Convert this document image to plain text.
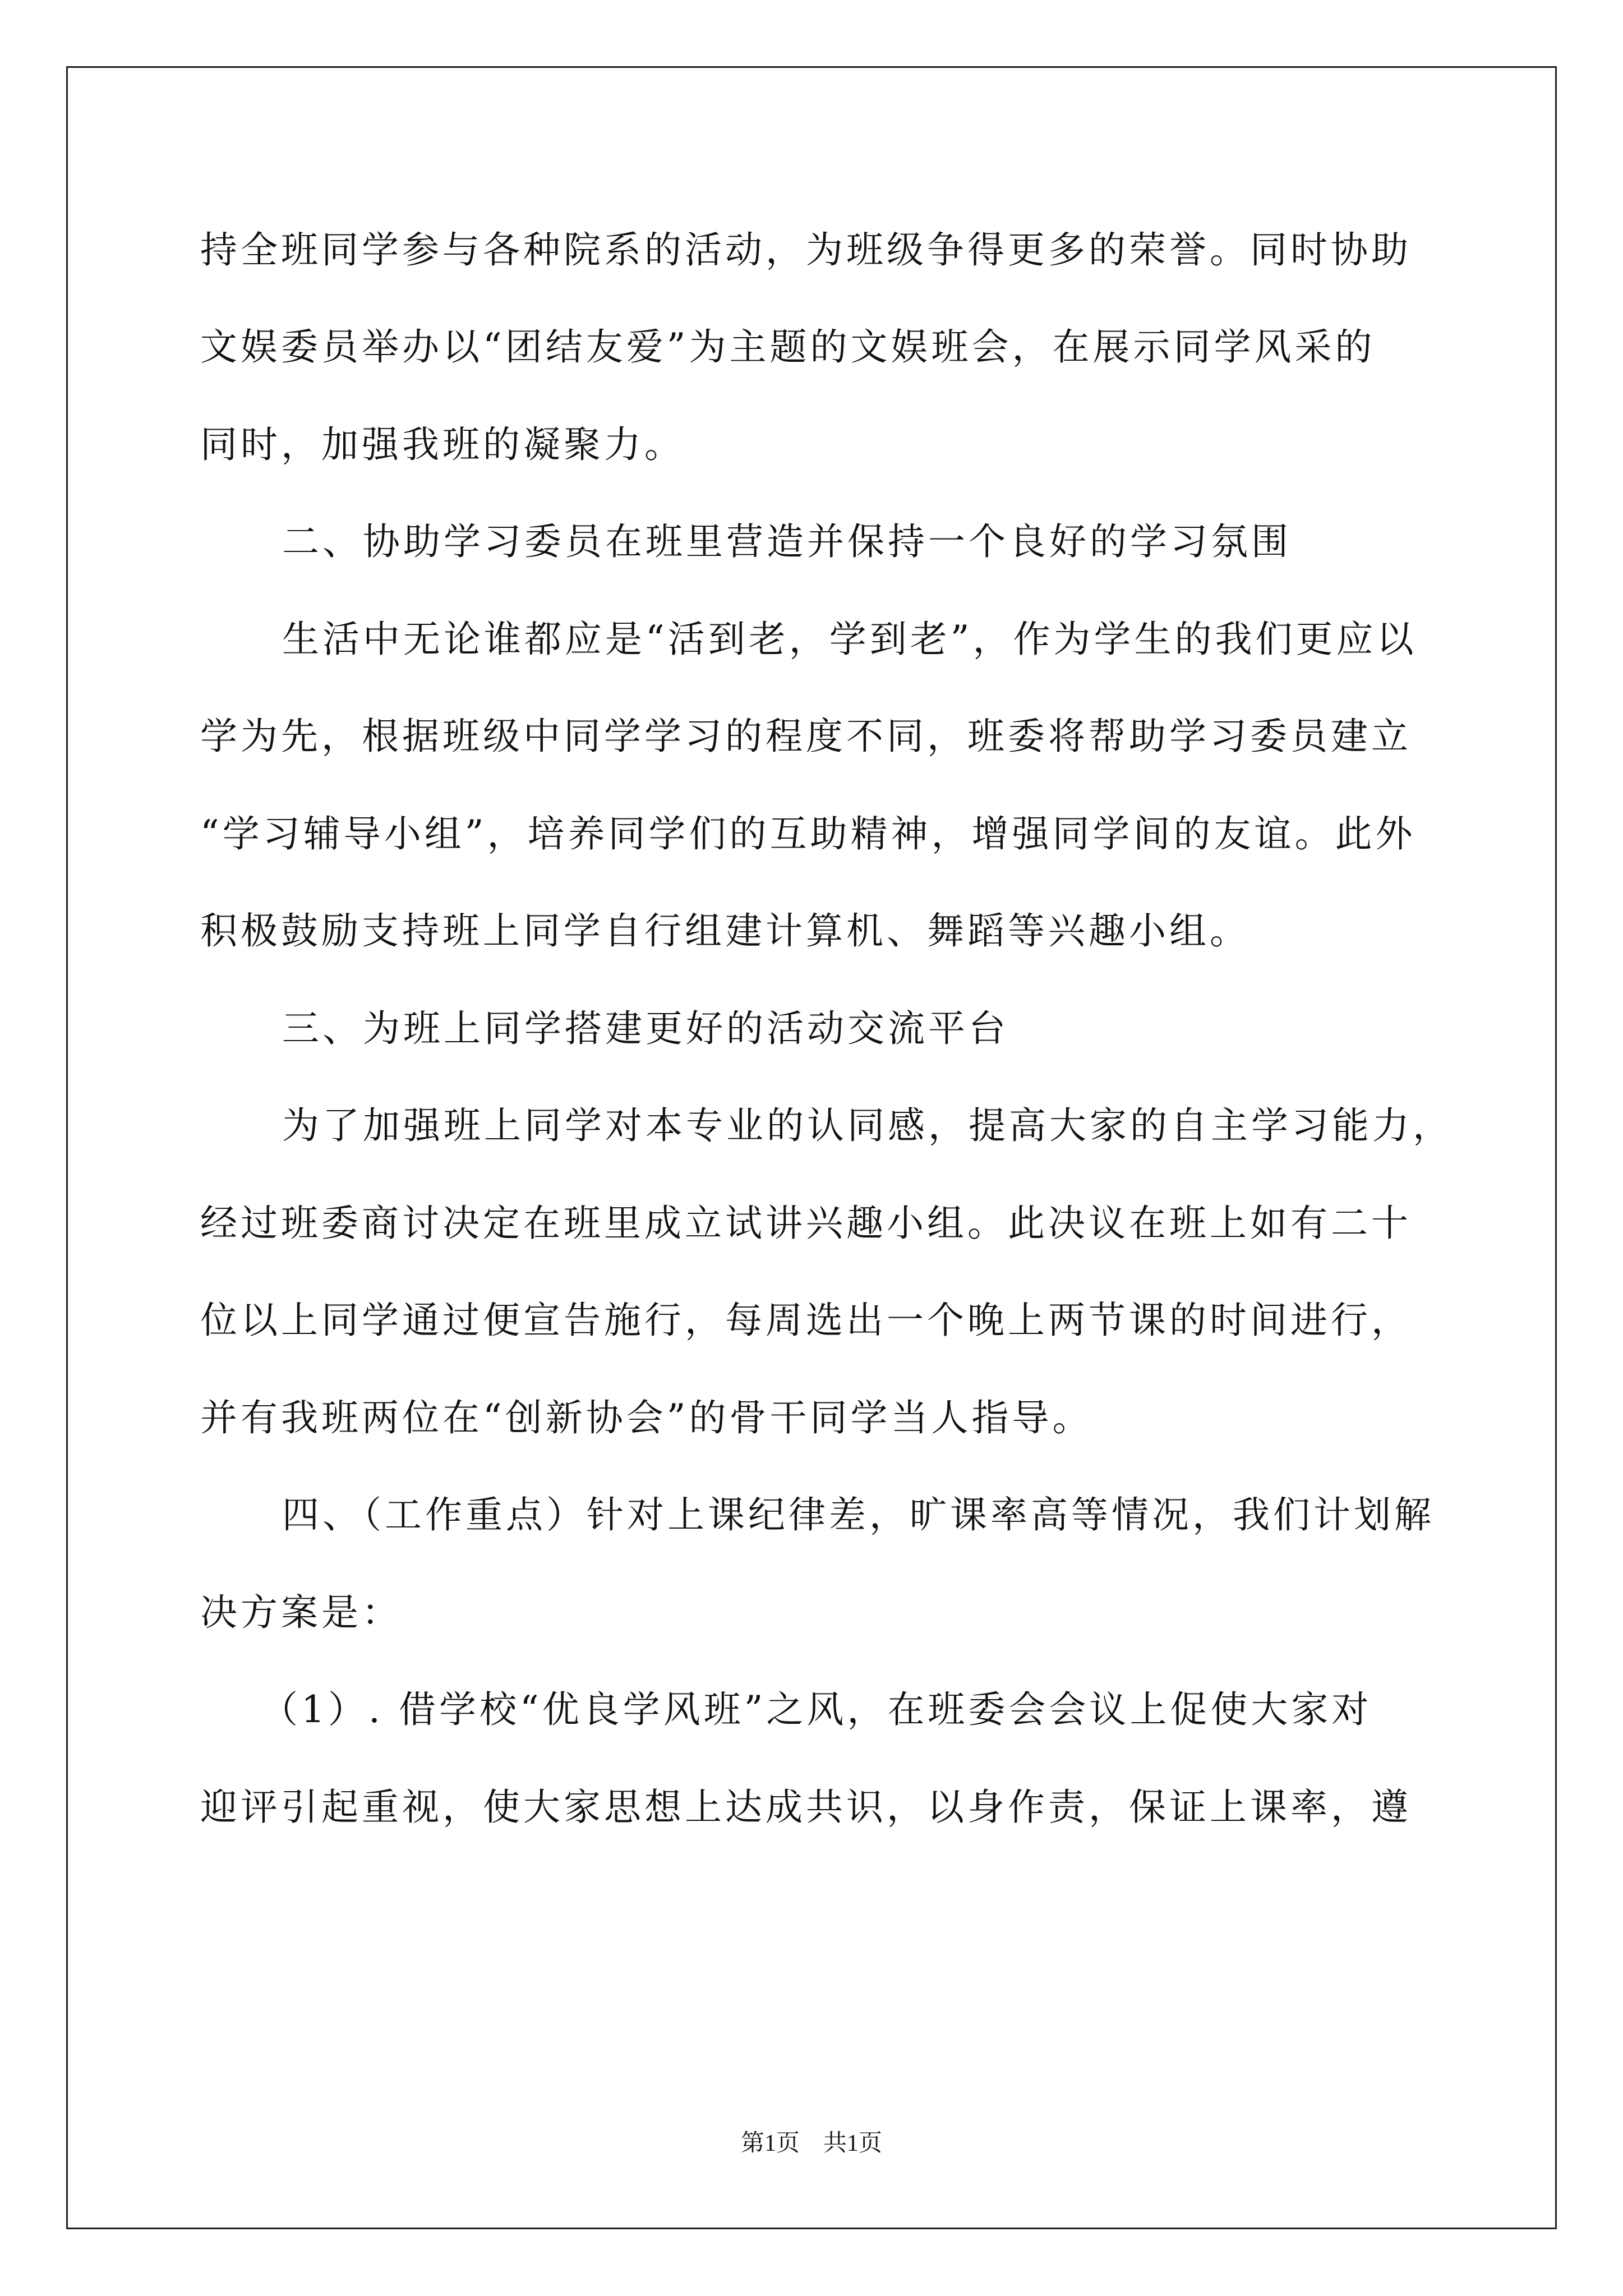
持全班同学参与各种院系的活动，为班级争得更多的荣誉。同时协助
文娱委员举办以“团结友爱”为主题的文娱班会，在展示同学风采的
同时，加强我班的凝聚力。
二、协助学习委员在班里营造并保持一个良好的学习氛围
生活中无论谁都应是“活到老，学到老”，作为学生的我们更应以
学为先，根据班级中同学学习的程度不同，班委将帮助学习委员建立
“学习辅导小组”，培养同学们的互助精神，增强同学间的友谊。此外
积极鼓励支持班上同学自行组建计算机、舞蹈等兴趣小组。
三、为班上同学搭建更好的活动交流平台
为了加强班上同学对本专业的认同感，提高大家的自主学习能力，
经过班委商讨决定在班里成立试讲兴趣小组。此决议在班上如有二十
位以上同学通过便宣告施行，每周选出一个晚上两节课的时间进行，
并有我班两位在“创新协会”的骨干同学当人指导。
四、（工作重点）针对上课纪律差，旷课率高等情况，我们计划解
决方案是：
（1）. 借学校“优良学风班”之风，在班委会会议上促使大家对
迎评引起重视，使大家思想上达成共识，以身作责，保证上课率，遵
第1页　共1页
